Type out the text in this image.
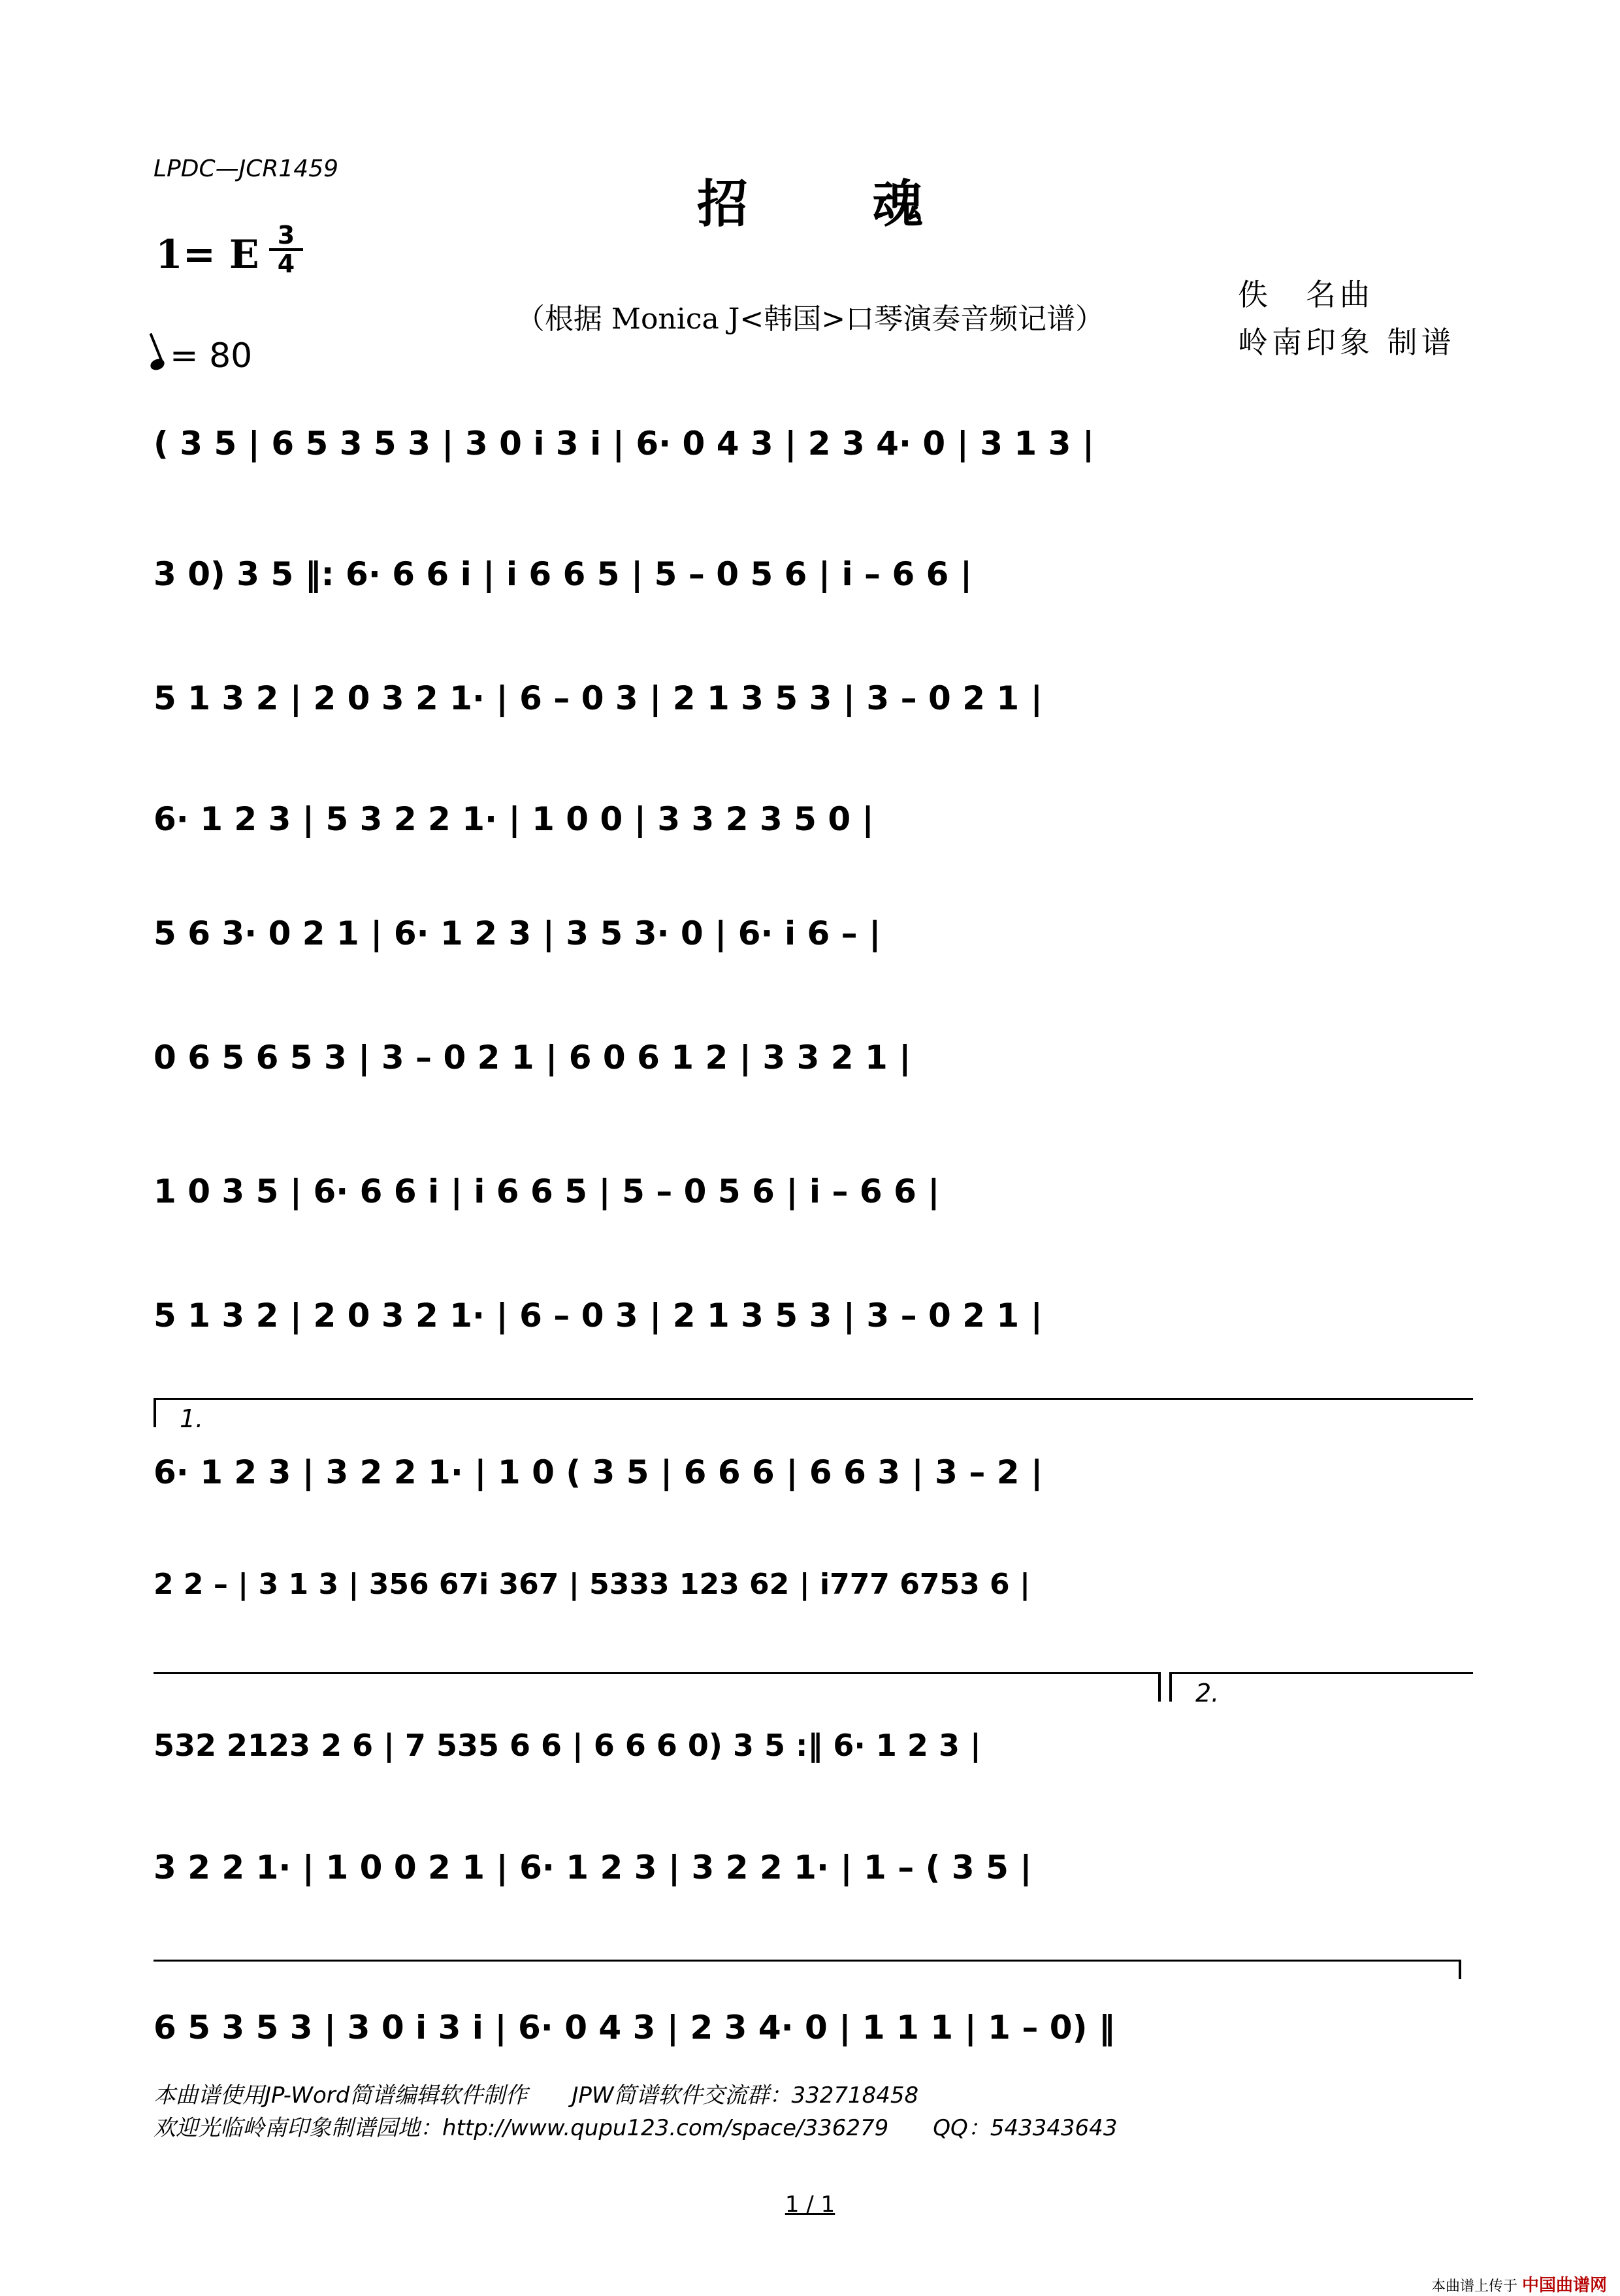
LPDC—JCR1459
招魂
1= E 3
4
（根据 Monica J<韩国>口琴演奏音频记谱）
佚　名曲
岭南印象 制谱
= 80
( 3 5 | 6 5 3 5 3 | 3 0 i 3 i | 6· 0 4 3 | 2 3 4· 0 | 3 1 3 |
3 0) 3 5 ‖: 6· 6 6 i | i 6 6 5 | 5 – 0 5 6 | i – 6 6 |
5 1 3 2 | 2 0 3 2 1· | 6 – 0 3 | 2 1 3 5 3 | 3 – 0 2 1 |
6· 1 2 3 | 5 3 2 2 1· | 1 0 0 | 3 3 2 3 5 0 |
5 6 3· 0 2 1 | 6· 1 2 3 | 3 5 3· 0 | 6· i 6 – |
0 6 5 6 5 3 | 3 – 0 2 1 | 6 0 6 1 2 | 3 3 2 1 |
1 0 3 5 | 6· 6 6 i | i 6 6 5 | 5 – 0 5 6 | i – 6 6 |
5 1 3 2 | 2 0 3 2 1· | 6 – 0 3 | 2 1 3 5 3 | 3 – 0 2 1 |
1.
6· 1 2 3 | 3 2 2 1· | 1 0 ( 3 5 | 6 6 6 | 6 6 3 | 3 – 2 |
2 2 – | 3 1 3 | 356 67i 367 | 5333 123 62 | i777 6753 6 |
2.
532 2123 2 6 | 7 535 6 6 | 6 6 6 0) 3 5 :‖ 6· 1 2 3 |
3 2 2 1· | 1 0 0 2 1 | 6· 1 2 3 | 3 2 2 1· | 1 – ( 3 5 |
6 5 3 5 3 | 3 0 i 3 i | 6· 0 4 3 | 2 3 4· 0 | 1 1 1 | 1 – 0) ‖
本曲谱使用JP-Word简谱编辑软件制作　　JPW简谱软件交流群：332718458
欢迎光临岭南印象制谱园地：http://www.qupu123.com/space/336279　　QQ：543343643
1 / 1
本曲谱上传于 中国曲谱网
